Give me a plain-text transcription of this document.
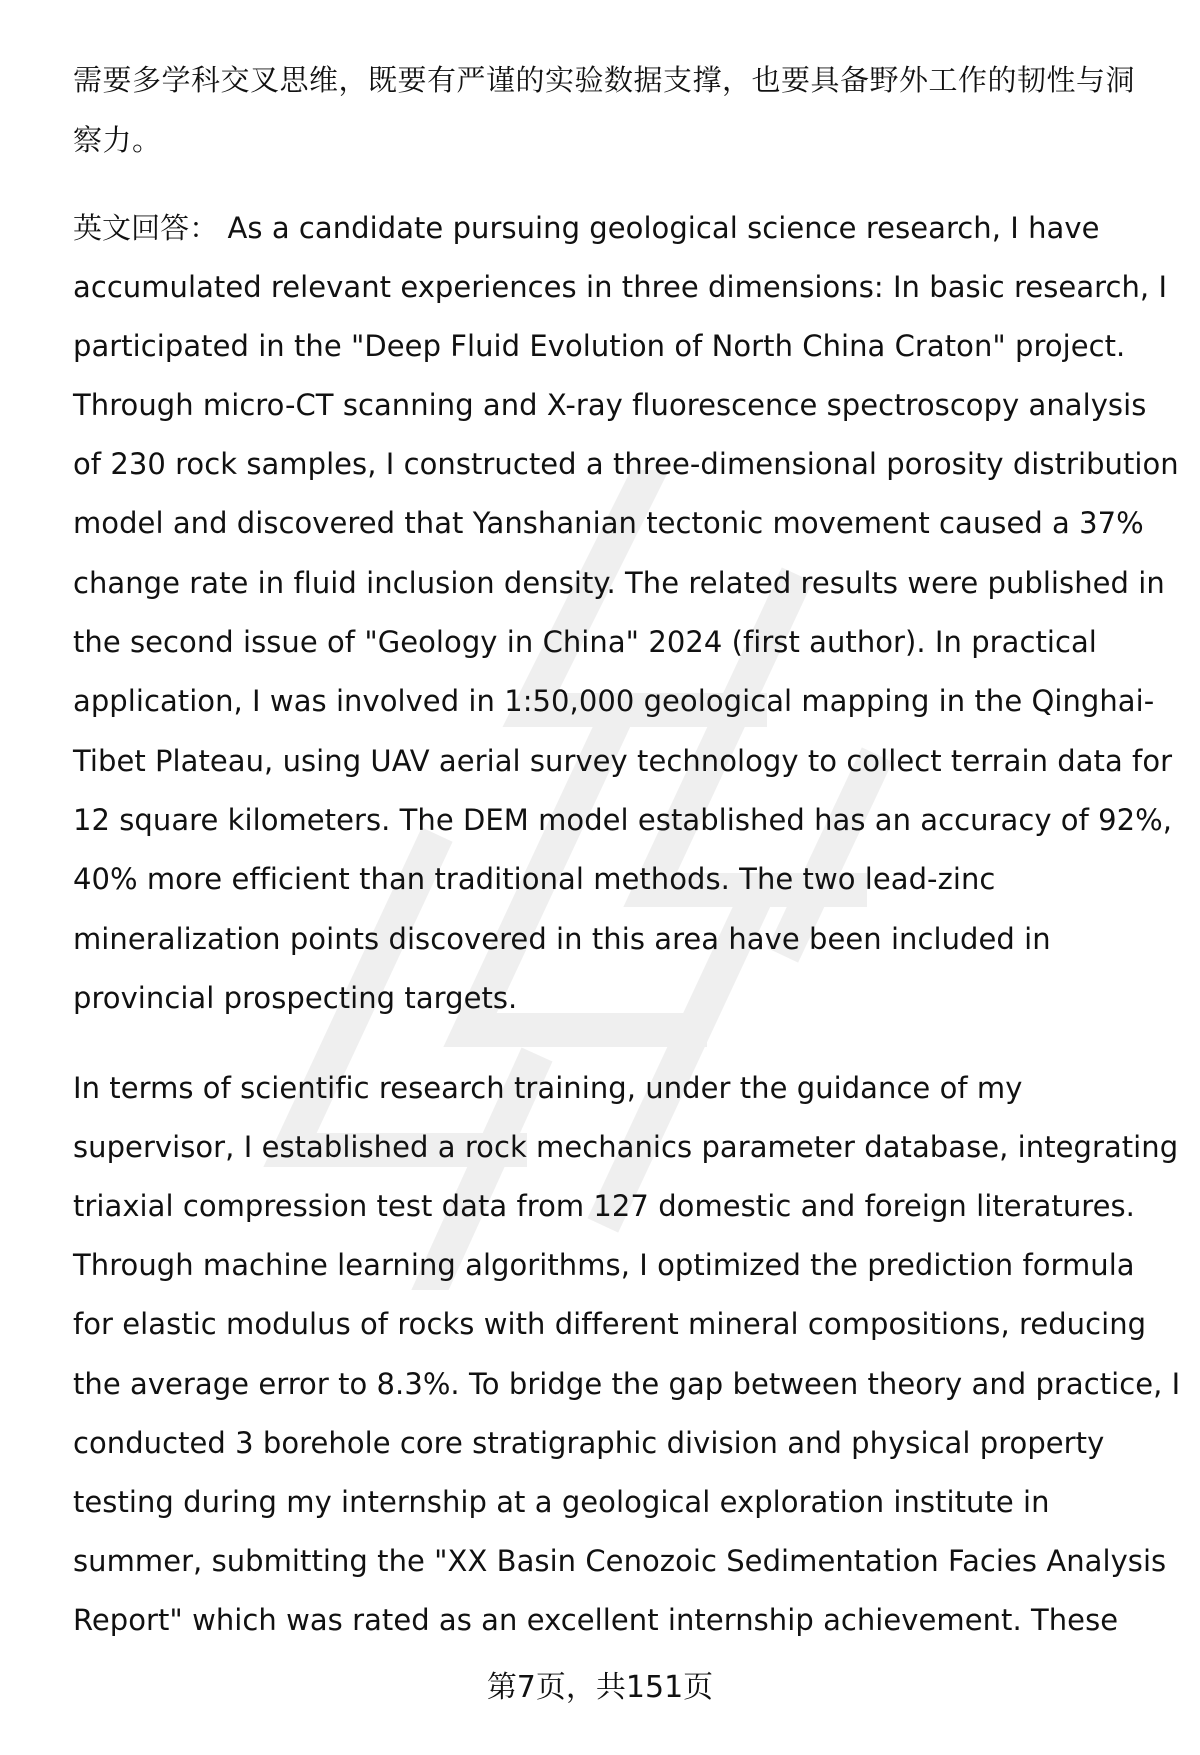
需要多学科交叉思维，既要有严谨的实验数据支撑，也要具备野外工作的韧性与洞
察力。
英文回答： As a candidate pursuing geological science research, I have
accumulated relevant experiences in three dimensions: In basic research, I
participated in the "Deep Fluid Evolution of North China Craton" project.
Through micro-CT scanning and X-ray fluorescence spectroscopy analysis
of 230 rock samples, I constructed a three-dimensional porosity distribution
model and discovered that Yanshanian tectonic movement caused a 37%
change rate in fluid inclusion density. The related results were published in
the second issue of "Geology in China" 2024 (first author). In practical
application, I was involved in 1:50,000 geological mapping in the Qinghai-
Tibet Plateau, using UAV aerial survey technology to collect terrain data for
12 square kilometers. The DEM model established has an accuracy of 92%,
40% more efficient than traditional methods. The two lead-zinc
mineralization points discovered in this area have been included in
provincial prospecting targets.
In terms of scientific research training, under the guidance of my
supervisor, I established a rock mechanics parameter database, integrating
triaxial compression test data from 127 domestic and foreign literatures.
Through machine learning algorithms, I optimized the prediction formula
for elastic modulus of rocks with different mineral compositions, reducing
the average error to 8.3%. To bridge the gap between theory and practice, I
conducted 3 borehole core stratigraphic division and physical property
testing during my internship at a geological exploration institute in
summer, submitting the "XX Basin Cenozoic Sedimentation Facies Analysis
Report" which was rated as an excellent internship achievement. These
第7页，共151页
